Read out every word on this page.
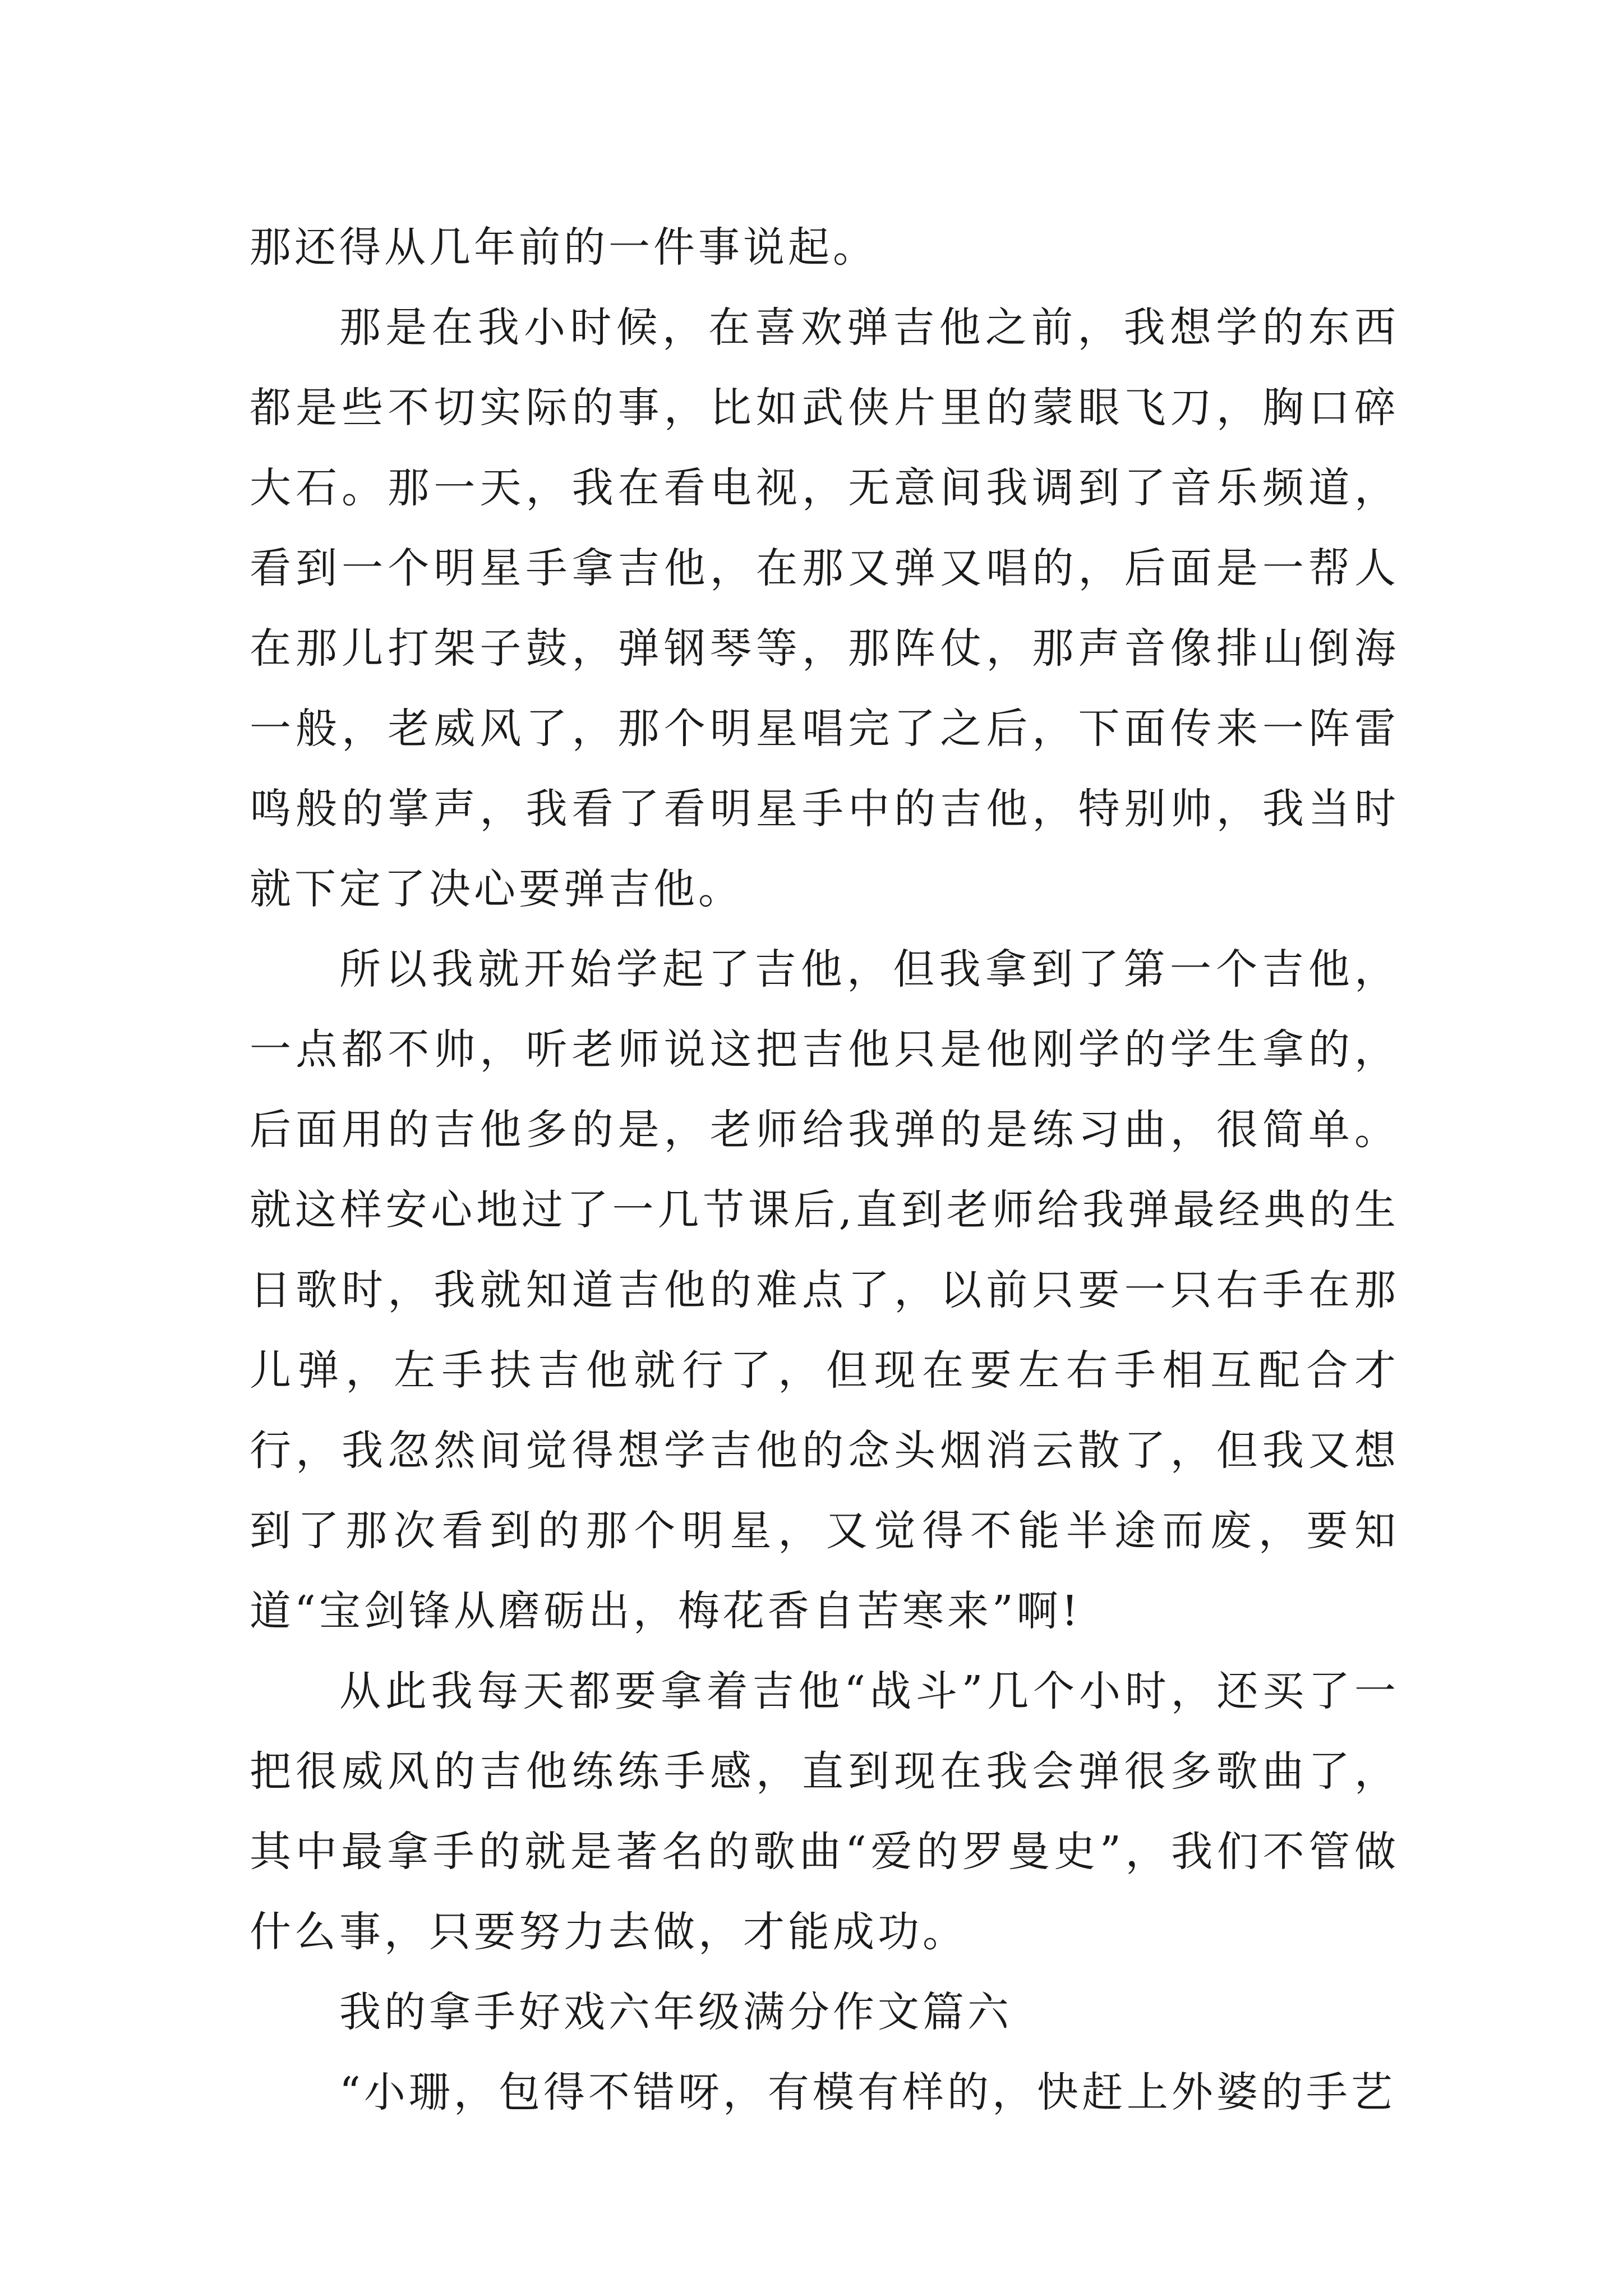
那还得从几年前的一件事说起。

那是在我小时候，在喜欢弹吉他之前，我想学的东西都是些不切实际的事，比如武侠片里的蒙眼飞刀，胸口碎大石。那一天，我在看电视，无意间我调到了音乐频道，看到一个明星手拿吉他，在那又弹又唱的，后面是一帮人在那儿打架子鼓，弹钢琴等，那阵仗，那声音像排山倒海一般，老威风了，那个明星唱完了之后，下面传来一阵雷鸣般的掌声，我看了看明星手中的吉他，特别帅，我当时就下定了决心要弹吉他。

所以我就开始学起了吉他，但我拿到了第一个吉他，一点都不帅，听老师说这把吉他只是他刚学的学生拿的，后面用的吉他多的是，老师给我弹的是练习曲，很简单。就这样安心地过了一几节课后,直到老师给我弹最经典的生日歌时，我就知道吉他的难点了，以前只要一只右手在那儿弹，左手扶吉他就行了，但现在要左右手相互配合才行，我忽然间觉得想学吉他的念头烟消云散了，但我又想到了那次看到的那个明星，又觉得不能半途而废，要知道“宝剑锋从磨砺出，梅花香自苦寒来”啊!

从此我每天都要拿着吉他“战斗”几个小时，还买了一把很威风的吉他练练手感，直到现在我会弹很多歌曲了，其中最拿手的就是著名的歌曲“爱的罗曼史”，我们不管做什么事，只要努力去做，才能成功。

我的拿手好戏六年级满分作文篇六

“小珊，包得不错呀，有模有样的，快赶上外婆的手艺
